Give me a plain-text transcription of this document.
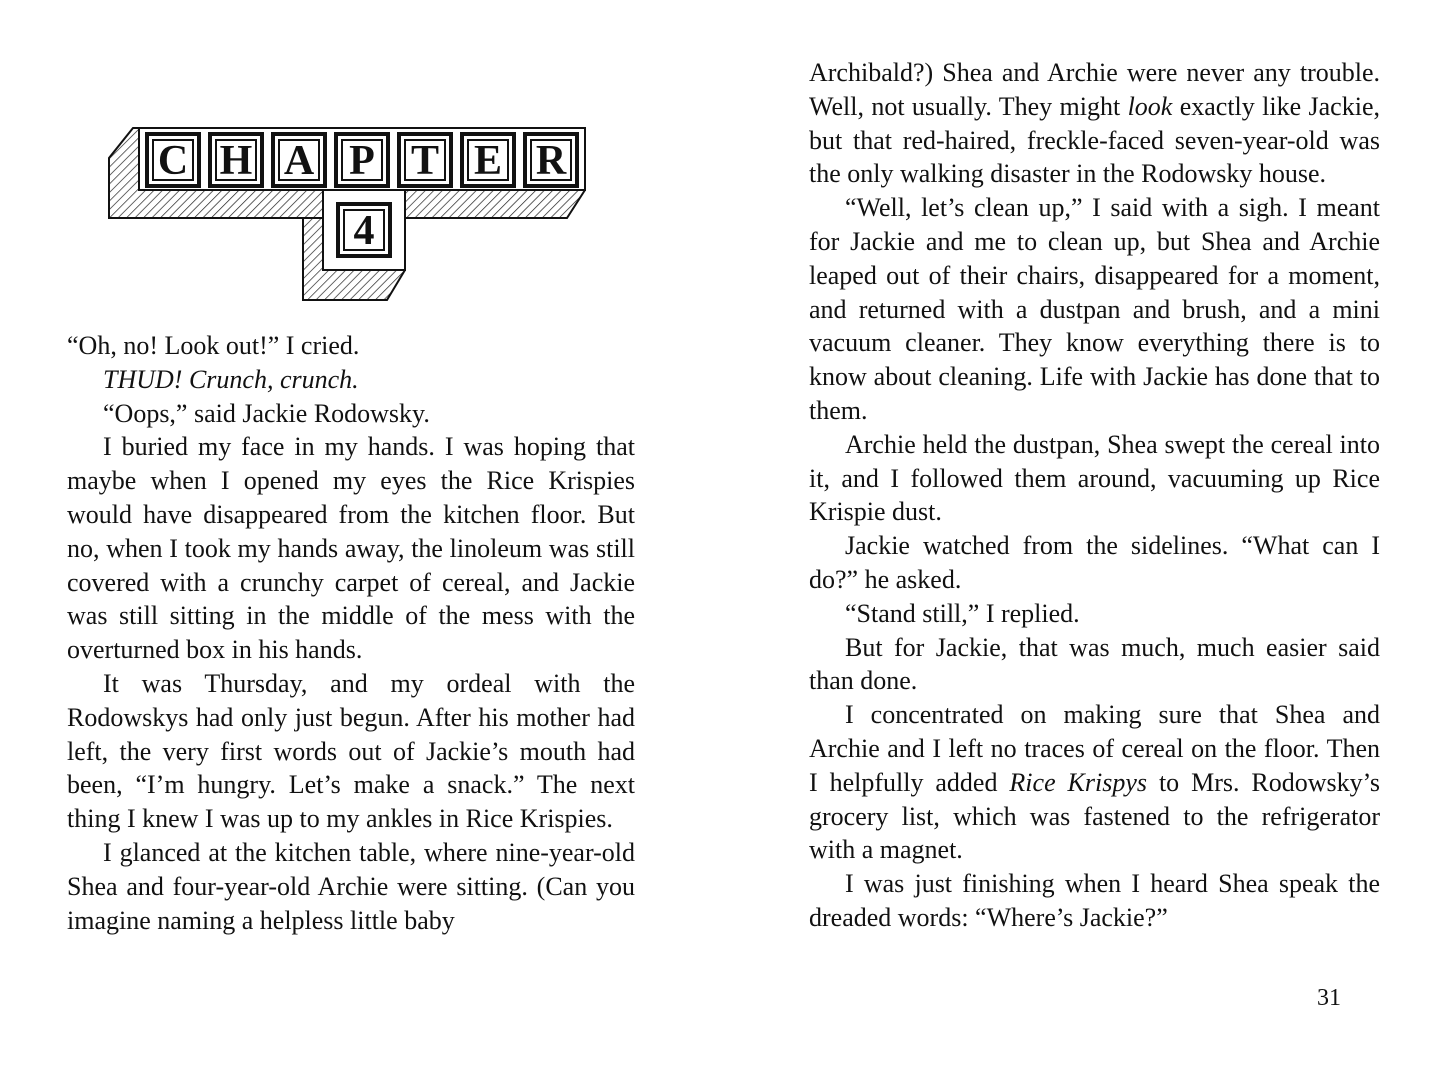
C H A P T E R
4

“Oh, no! Look out!” I cried.

THUD! Crunch, crunch.

“Oops,” said Jackie Rodowsky.

I buried my face in my hands. I was hoping that maybe when I opened my eyes the Rice Krispies would have disappeared from the kitchen floor. But no, when I took my hands away, the linoleum was still covered with a crunchy carpet of cereal, and Jackie was still sitting in the middle of the mess with the overturned box in his hands.

It was Thursday, and my ordeal with the Rodowskys had only just begun. After his mother had left, the very first words out of Jackie’s mouth had been, “I’m hungry. Let’s make a snack.” The next thing I knew I was up to my ankles in Rice Krispies.

I glanced at the kitchen table, where nine-year-old Shea and four-year-old Archie were sitting. (Can you imagine naming a helpless little baby

Archibald?) Shea and Archie were never any trouble. Well, not usually. They might look exactly like Jackie, but that red-haired, freckle-faced seven-year-old was the only walking disaster in the Rodowsky house.

“Well, let’s clean up,” I said with a sigh. I meant for Jackie and me to clean up, but Shea and Archie leaped out of their chairs, disappeared for a moment, and returned with a dustpan and brush, and a mini vacuum cleaner. They know everything there is to know about cleaning. Life with Jackie has done that to them.

Archie held the dustpan, Shea swept the cereal into it, and I followed them around, vacuuming up Rice Krispie dust.

Jackie watched from the sidelines. “What can I do?” he asked.

“Stand still,” I replied.

But for Jackie, that was much, much easier said than done.

I concentrated on making sure that Shea and Archie and I left no traces of cereal on the floor. Then I helpfully added Rice Krispys to Mrs. Rodowsky’s grocery list, which was fastened to the refrigerator with a magnet.

I was just finishing when I heard Shea speak the dreaded words: “Where’s Jackie?”

31
